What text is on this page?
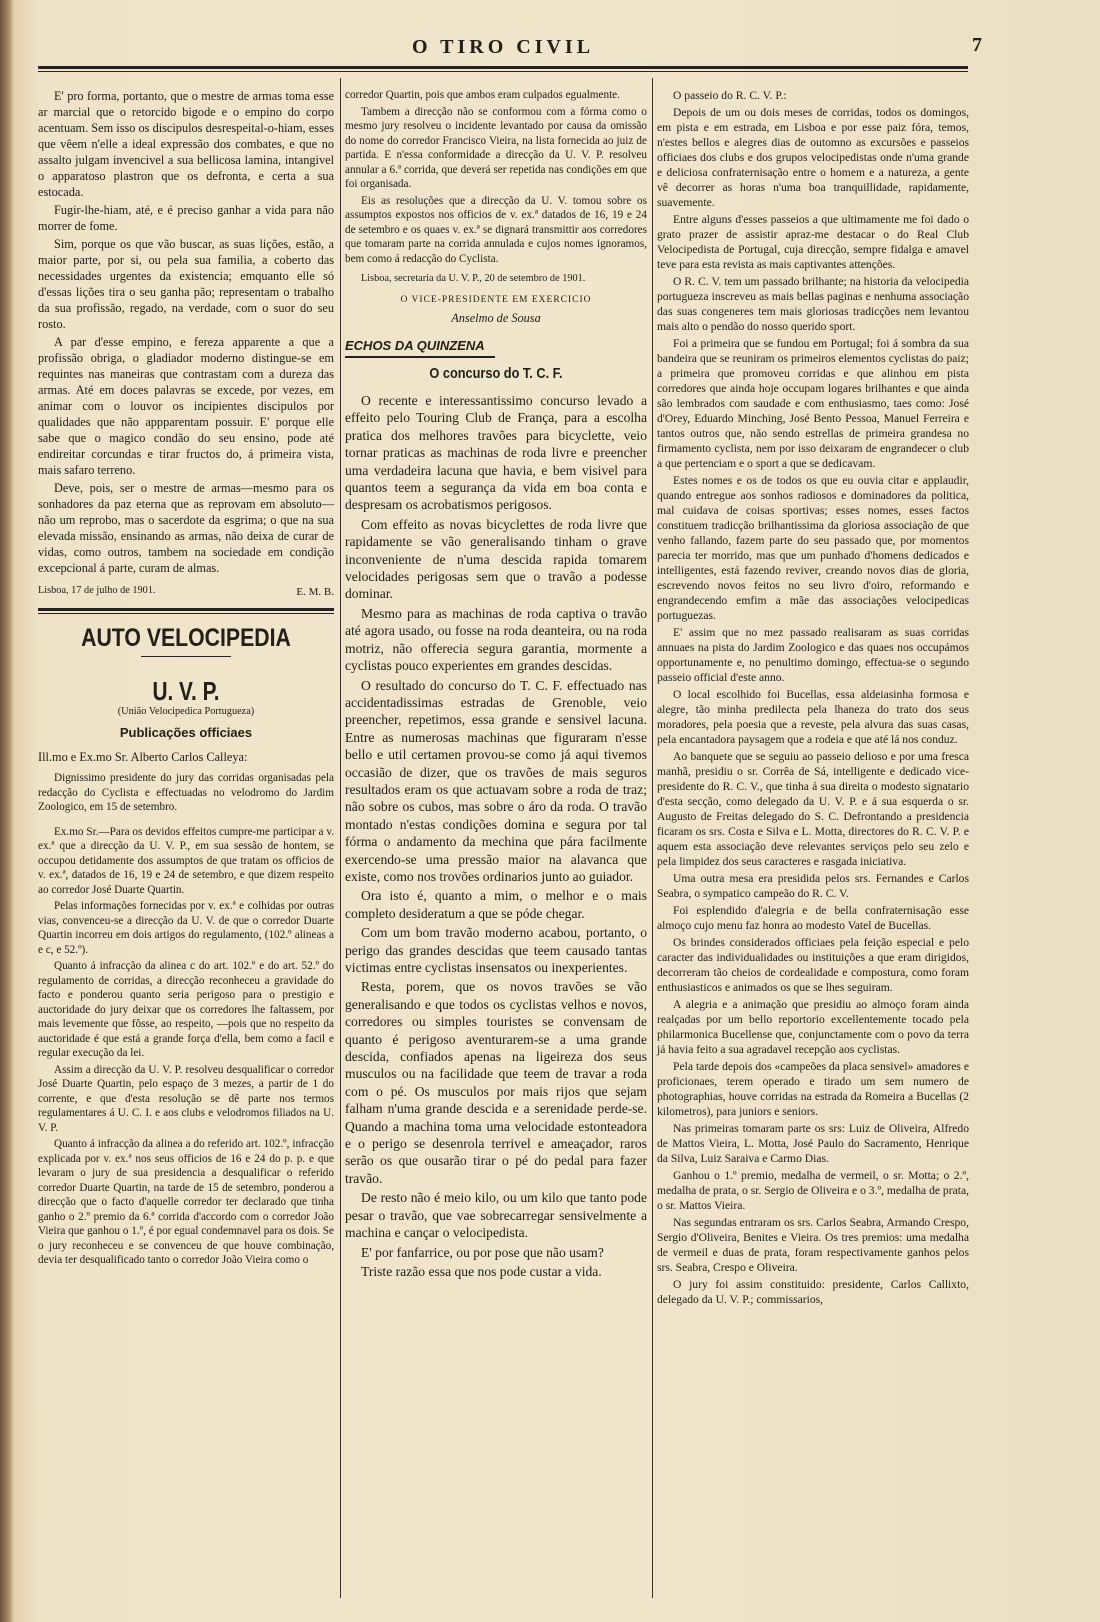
O TIRO CIVIL	7

E' pro forma, portanto, que o mestre de armas toma esse ar marcial que o retorcido bigode e o empino do corpo acentuam. Sem isso os discipulos desrespeital-o-hiam, esses que vêem n'elle a ideal expressão dos combates, e que no assalto julgam invencivel a sua bellicosa lamina, intangivel o apparatoso plastron que os defronta, e certa a sua estocada.

Fugir-lhe-hiam, até, e é preciso ganhar a vida para não morrer de fome.

Sim, porque os que vão buscar, as suas lições, estão, a maior parte, por si, ou pela sua familia, a coberto das necessidades urgentes da existencia; emquanto elle só d'essas lições tira o seu ganha pão; representam o trabalho da sua profissão, regado, na verdade, com o suor do seu rosto.

A par d'esse empino, e fereza apparente a que a profissão obriga, o gladiador moderno distingue-se em requintes nas maneiras que contrastam com a dureza das armas. Até em doces palavras se excede, por vezes, em animar com o louvor os incipientes discipulos por qualidades que não appparentam possuir. E' porque elle sabe que o magico condão do seu ensino, pode até endireitar corcundas e tirar fructos do, á primeira vista, mais safaro terreno.

Deve, pois, ser o mestre de armas—mesmo para os sonhadores da paz eterna que as reprovam em absoluto—não um reprobo, mas o sacerdote da esgrima; o que na sua elevada missão, ensinando as armas, não deixa de curar de vidas, como outros, tambem na sociedade em condição excepcional á parte, curam de almas.

Lisboa, 17 de julho de 1901.	E. M. B.
AUTO VELOCIPEDIA
U. V. P.

(União Velocipedica Portugueza)

Publicações officiaes

Ill.mo e Ex.mo Sr. Alberto Carlos Calleya:

Dignissimo presidente do jury das corridas organisadas pela redacção do Cyclista e effectuadas no velodromo do Jardim Zoologico, em 15 de setembro.

Ex.mo Sr.—Para os devidos effeitos cumpre-me participar a v. ex.ª que a direcção da U. V. P., em sua sessão de hontem, se occupou detidamente dos assumptos de que tratam os officios de v. ex.ª, datados de 16, 19 e 24 de setembro, e que dizem respeito ao corredor José Duarte Quartin.

Pelas informações fornecidas por v. ex.ª e colhidas por outras vias, convenceu-se a direcção da U. V. de que o corredor Duarte Quartin incorreu em dois artigos do regulamento, (102.º alineas a e c, e 52.º).

Quanto á infracção da alinea c do art. 102.º e do art. 52.º do regulamento de corridas, a direcção reconheceu a gravidade do facto e ponderou quanto seria perigoso para o prestigio e auctoridade do jury deixar que os corredores lhe faltassem, por mais levemente que fôsse, ao respeito, —pois que no respeito da auctoridade é que está a grande força d'ella, bem como a facil e regular execução da lei.

Assim a direcção da U. V. P. resolveu desqualificar o corredor José Duarte Quartin, pelo espaço de 3 mezes, a partir de 1 do corrente, e que d'esta resolução se dê parte nos termos regulamentares á U. C. I. e aos clubs e velodromos filiados na U. V. P.

Quanto á infracção da alinea a do referido art. 102.º, infracção explicada por v. ex.ª nos seus officios de 16 e 24 do p. p. e que levaram o jury de sua presidencia a desqualificar o referido corredor Duarte Quartin, na tarde de 15 de setembro, ponderou a direcção que o facto d'aquelle corredor ter declarado que tinha ganho o 2.º premio da 6.ª corrida d'accordo com o corredor João Vieira que ganhou o 1.º, é por egual condemnavel para os dois. Se o jury reconheceu e se convenceu de que houve combinação, devia ter desqualificado tanto o corredor João Vieira como o

corredor Quartin, pois que ambos eram culpados egualmente.

Tambem a direcção não se conformou com a fórma como o mesmo jury resolveu o incidente levantado por causa da omissão do nome do corredor Francisco Vieira, na lista fornecida ao juiz de partida. E n'essa conformidade a direcção da U. V. P. resolveu annular a 6.ª corrida, que deverá ser repetida nas condições em que foi organisada.

Eis as resoluções que a direcção da U. V. tomou sobre os assumptos expostos nos officios de v. ex.ª datados de 16, 19 e 24 de setembro e os quaes v. ex.ª se dignará transmittir aos corredores que tomaram parte na corrida annulada e cujos nomes ignoramos, bem como á redacção do Cyclista.

Lisboa, secretaria da U. V. P., 20 de setembro de 1901.

O VICE-PRESIDENTE EM EXERCICIO

Anselmo de Sousa

ECHOS DA QUINZENA
O concurso do T. C. F.

O recente e interessantissimo concurso levado a effeito pelo Touring Club de França, para a escolha pratica dos melhores travões para bicyclette, veio tornar praticas as machinas de roda livre e preencher uma verdadeira lacuna que havia, e bem visivel para quantos teem a segurança da vida em boa conta e despresam os acrobatismos perigosos.

Com effeito as novas bicyclettes de roda livre que rapidamente se vão generalisando tinham o grave inconveniente de n'uma descida rapida tomarem velocidades perigosas sem que o travão a podesse dominar.

Mesmo para as machinas de roda captiva o travão até agora usado, ou fosse na roda deanteira, ou na roda motriz, não offerecia segura garantia, mormente a cyclistas pouco experientes em grandes descidas.

O resultado do concurso do T. C. F. effectuado nas accidentadissimas estradas de Grenoble, veio preencher, repetimos, essa grande e sensivel lacuna. Entre as numerosas machinas que figuraram n'esse bello e util certamen provou-se como já aqui tivemos occasião de dizer, que os travões de mais seguros resultados eram os que actuavam sobre a roda de traz; não sobre os cubos, mas sobre o áro da roda. O travão montado n'estas condições domina e segura por tal fórma o andamento da mechina que pára facilmente exercendo-se uma pressão maior na alavanca que existe, como nos trovões ordinarios junto ao guiador.

Ora isto é, quanto a mim, o melhor e o mais completo desideratum a que se póde chegar.

Com um bom travão moderno acabou, portanto, o perigo das grandes descidas que teem causado tantas victimas entre cyclistas insensatos ou inexperientes.

Resta, porem, que os novos travões se vão generalisando e que todos os cyclistas velhos e novos, corredores ou simples touristes se convensam de quanto é perigoso aventurarem-se a uma grande descida, confiados apenas na ligeireza dos seus musculos ou na facilidade que teem de travar a roda com o pé. Os musculos por mais rijos que sejam falham n'uma grande descida e a serenidade perde-se. Quando a machina toma uma velocidade estonteadora e o perigo se desenrola terrivel e ameaçador, raros serão os que ousarão tirar o pé do pedal para fazer travão.

De resto não é meio kilo, ou um kilo que tanto pode pesar o travão, que vae sobrecarregar sensivelmente a machina e cançar o velocipedista.

E' por fanfarrice, ou por pose que não usam?

Triste razão essa que nos pode custar a vida.

O passeio do R. C. V. P.:

Depois de um ou dois meses de corridas, todos os domingos, em pista e em estrada, em Lisboa e por esse paiz fóra, temos, n'estes bellos e alegres dias de outomno as excursões e passeios officiaes dos clubs e dos grupos velocipedistas onde n'uma grande e deliciosa confraternisação entre o homem e a natureza, a gente vê decorrer as horas n'uma boa tranquillidade, rapidamente, suavemente.

Entre alguns d'esses passeios a que ultimamente me foi dado o grato prazer de assistir apraz-me destacar o do Real Club Velocipedista de Portugal, cuja direcção, sempre fidalga e amavel teve para esta revista as mais captivantes attenções.

O R. C. V. tem um passado brilhante; na historia da velocipedia portugueza inscreveu as mais bellas paginas e nenhuma associação das suas congeneres tem mais gloriosas tradicções nem levantou mais alto o pendão do nosso querido sport.

Foi a primeira que se fundou em Portugal; foi á sombra da sua bandeira que se reuniram os primeiros elementos cyclistas do paiz; a primeira que promoveu corridas e que alinhou em pista corredores que ainda hoje occupam logares brilhantes e que ainda são lembrados com saudade e com enthusiasmo, taes como: José d'Orey, Eduardo Minching, José Bento Pessoa, Manuel Ferreira e tantos outros que, não sendo estrellas de primeira grandesa no firmamento cyclista, nem por isso deixaram de engrandecer o club a que pertenciam e o sport a que se dedicavam.

Estes nomes e os de todos os que eu ouvia citar e applaudir, quando entregue aos sonhos radiosos e dominadores da politica, mal cuidava de coisas sportivas; esses nomes, esses factos constituem tradicção brilhantissima da gloriosa associação de que venho fallando, fazem parte do seu passado que, por momentos parecia ter morrido, mas que um punhado d'homens dedicados e intelligentes, está fazendo reviver, creando novos dias de gloria, escrevendo novos feitos no seu livro d'oiro, reformando e engrandecendo emfim a mãe das associações velocipedicas portuguezas.

E' assim que no mez passado realisaram as suas corridas annuaes na pista do Jardim Zoologico e das quaes nos occupámos opportunamente e, no penultimo domingo, effectua-se o segundo passeio official d'este anno.

O local escolhido foi Bucellas, essa aldeiasinha formosa e alegre, tão minha predilecta pela lhaneza do trato dos seus moradores, pela poesia que a reveste, pela alvura das suas casas, pela encantadora paysagem que a rodeia e que até lá nos conduz.

Ao banquete que se seguiu ao passeio delioso e por uma fresca manhã, presidiu o sr. Corrêa de Sá, intelligente e dedicado vice-presidente do R. C. V., que tinha á sua direita o modesto signatario d'esta secção, como delegado da U. V. P. e á sua esquerda o sr. Augusto de Freitas delegado do S. C. Defrontando a presidencia ficaram os srs. Costa e Silva e L. Motta, directores do R. C. V. P. e aquem esta associação deve relevantes serviços pelo seu zelo e pela limpidez dos seus caracteres e rasgada iniciativa.

Uma outra mesa era presidida pelos srs. Fernandes e Carlos Seabra, o sympatico campeão do R. C. V.

Foi esplendido d'alegria e de bella confraternisação esse almoço cujo menu faz honra ao modesto Vatel de Bucellas.

Os brindes considerados officiaes pela feição especial e pelo caracter das individualidades ou instituições a que eram dirigidos, decorreram tão cheios de cordealidade e compostura, como foram enthusiasticos e animados os que se lhes seguiram.

A alegria e a animação que presidiu ao almoço foram ainda realçadas por um bello reportorio excellentemente tocado pela philarmonica Bucellense que, conjunctamente com o povo da terra já havia feito a sua agradavel recepção aos cyclistas.

Pela tarde depois dos «campeões da placa sensivel» amadores e proficionaes, terem operado e tirado um sem numero de photographias, houve corridas na estrada da Romeira a Bucellas (2 kilometros), para juniors e seniors.

Nas primeiras tomaram parte os srs: Luiz de Oliveira, Alfredo de Mattos Vieira, L. Motta, José Paulo do Sacramento, Henrique da Silva, Luiz Saraiva e Carmo Dias.

Ganhou o 1.º premio, medalha de vermeil, o sr. Motta; o 2.º, medalha de prata, o sr. Sergio de Oliveira e o 3.º, medalha de prata, o sr. Mattos Vieira.

Nas segundas entraram os srs. Carlos Seabra, Armando Crespo, Sergio d'Oliveira, Benites e Vieira. Os tres premios: uma medalha de vermeil e duas de prata, foram respectivamente ganhos pelos srs. Seabra, Crespo e Oliveira.

O jury foi assim constituido: presidente, Carlos Callixto, delegado da U. V. P.; commissarios,
